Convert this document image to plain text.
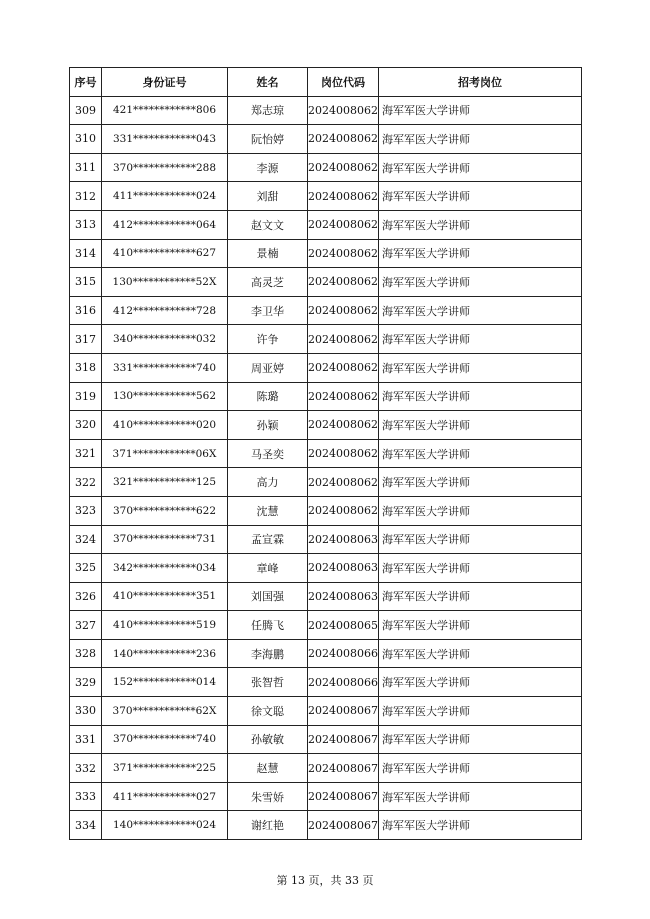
序号	身份证号	姓名	岗位代码	招考岗位
309	421************806	郑志琼	2024008062	海军军医大学讲师
310	331************043	阮怡婷	2024008062	海军军医大学讲师
311	370************288	李源	2024008062	海军军医大学讲师
312	411************024	刘甜	2024008062	海军军医大学讲师
313	412************064	赵文文	2024008062	海军军医大学讲师
314	410************627	景楠	2024008062	海军军医大学讲师
315	130************52X	高灵芝	2024008062	海军军医大学讲师
316	412************728	李卫华	2024008062	海军军医大学讲师
317	340************032	许争	2024008062	海军军医大学讲师
318	331************740	周亚婷	2024008062	海军军医大学讲师
319	130************562	陈璐	2024008062	海军军医大学讲师
320	410************020	孙颖	2024008062	海军军医大学讲师
321	371************06X	马圣奕	2024008062	海军军医大学讲师
322	321************125	高力	2024008062	海军军医大学讲师
323	370************622	沈慧	2024008062	海军军医大学讲师
324	370************731	孟宣霖	2024008063	海军军医大学讲师
325	342************034	章峰	2024008063	海军军医大学讲师
326	410************351	刘国强	2024008063	海军军医大学讲师
327	410************519	任腾飞	2024008065	海军军医大学讲师
328	140************236	李海鹏	2024008066	海军军医大学讲师
329	152************014	张智哲	2024008066	海军军医大学讲师
330	370************62X	徐文聪	2024008067	海军军医大学讲师
331	370************740	孙敏敏	2024008067	海军军医大学讲师
332	371************225	赵慧	2024008067	海军军医大学讲师
333	411************027	朱雪娇	2024008067	海军军医大学讲师
334	140************024	谢红艳	2024008067	海军军医大学讲师
第 13 页，共 33 页
